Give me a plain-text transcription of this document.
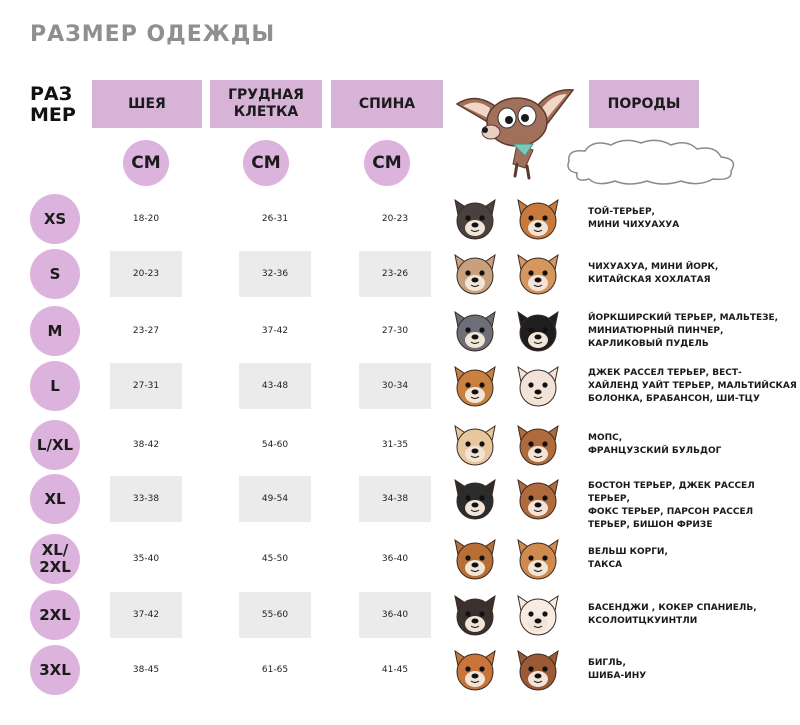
РАЗМЕР ОДЕЖДЫ
РАЗ
МЕР
ШЕЯ
ГРУДНАЯ
КЛЕТКА
СПИНА	ПОРОДЫ
СМ	СМ	СМ
XS	18-20	26-31	20-23
ТОЙ-ТЕРЬЕР,
МИНИ ЧИХУАХУА
S	20-23	32-36	23-26
ЧИХУАХУА, МИНИ ЙОРК,
КИТАЙСКАЯ ХОХЛАТАЯ
M	23-27	37-42	27-30
ЙОРКШИРСКИЙ ТЕРЬЕР, МАЛЬТЕЗЕ,
МИНИАТЮРНЫЙ ПИНЧЕР,
КАРЛИКОВЫЙ ПУДЕЛЬ
L	27-31	43-48	30-34
ДЖЕК РАССЕЛ ТЕРЬЕР, ВЕСТ-
ХАЙЛЕНД УАЙТ ТЕРЬЕР, МАЛЬТИЙСКАЯ
БОЛОНКА, БРАБАНСОН, ШИ-ТЦУ
L/XL	38-42	54-60	31-35
МОПС,
ФРАНЦУЗСКИЙ БУЛЬДОГ
XL	33-38	49-54	34-38
БОСТОН ТЕРЬЕР, ДЖЕК РАССЕЛ ТЕРЬЕР,
ФОКС ТЕРЬЕР, ПАРСОН РАССЕЛ
ТЕРЬЕР, БИШОН ФРИЗЕ
XL/
2XL	35-40	45-50	36-40
ВЕЛЬШ КОРГИ,
ТАКСА
2XL	37-42	55-60	36-40
БАСЕНДЖИ , КОКЕР СПАНИЕЛЬ,
КСОЛОИТЦКУИНТЛИ
3XL	38-45	61-65	41-45
БИГЛЬ,
ШИБА-ИНУ
